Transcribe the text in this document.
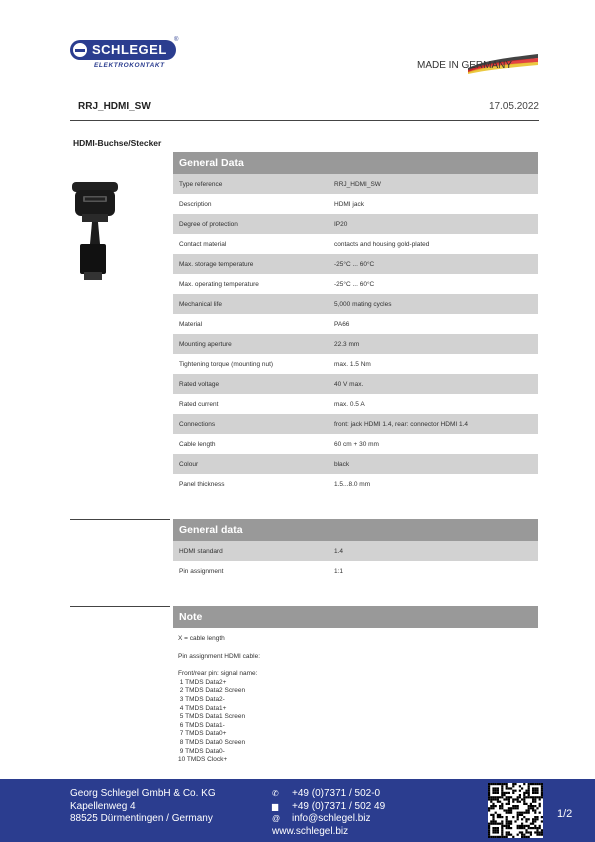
SCHLEGEL
®
ELEKTROKONTAKT	MADE IN GERMANY
RRJ_HDMI_SW	17.05.2022
HDMI-Buchse/Stecker
General Data
Type reference	RRJ_HDMI_SW
Description	HDMI jack
Degree of protection	IP20
Contact material	contacts and housing gold-plated
Max. storage temperature	-25°C ... 60°C
Max. operating temperature	-25°C ... 60°C
Mechanical life	5,000 mating cycles
Material	PA66
Mounting aperture	22.3 mm
Tightening torque (mounting nut)	max. 1.5 Nm
Rated voltage	40 V max.
Rated current	max. 0.5 A
Connections	front: jack HDMI 1.4, rear: connector HDMI 1.4
Cable length	60 cm + 30 mm
Colour	black
Panel thickness	1.5...8.0 mm
General data
HDMI standard	1.4
Pin assignment	1:1
Note

X = cable length

Pin assignment HDMI cable:

Front/rear pin: signal name:
1 TMDS Data2+
2 TMDS Data2 Screen
3 TMDS Data2-
4 TMDS Data1+
5 TMDS Data1 Screen
6 TMDS Data1-
7 TMDS Data0+
8 TMDS Data0 Screen
9 TMDS Data0-
10 TMDS Clock+
Georg Schlegel GmbH & Co. KG
Kapellenweg 4
88525 Dürmentingen / Germany
✆ +49 (0)7371 / 502-0
▆ +49 (0)7371 / 502 49
@ info@schlegel.biz
www.schlegel.biz
1/2
